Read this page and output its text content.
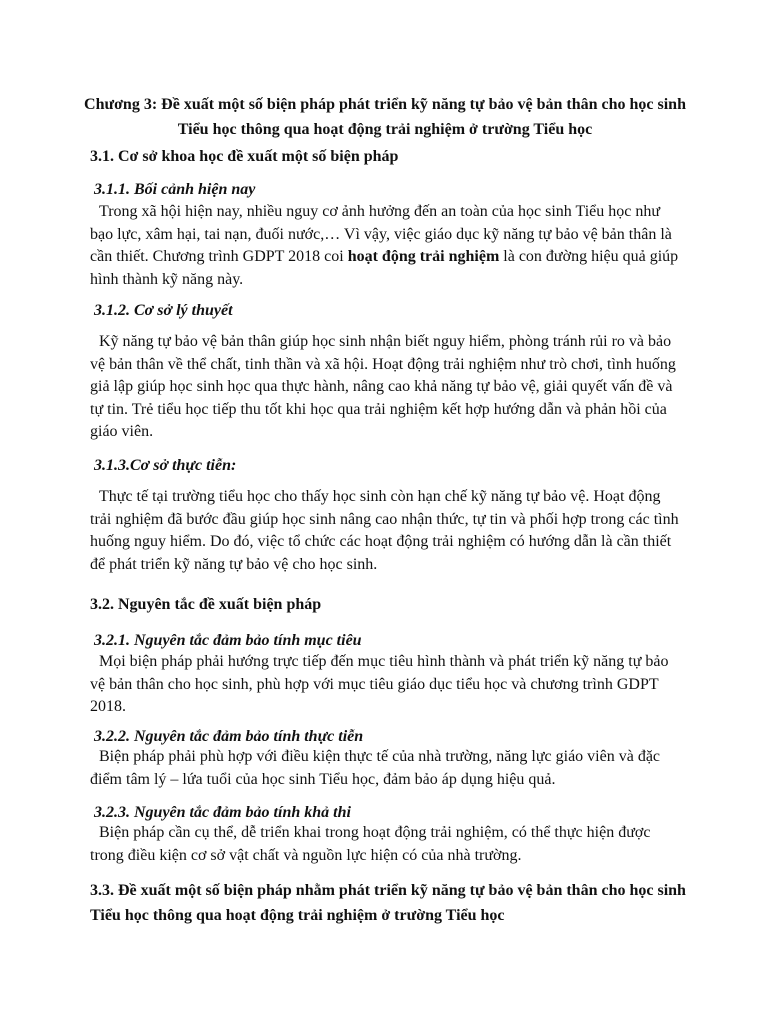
Chương 3: Đề xuất một số biện pháp phát triển kỹ năng tự bảo vệ bản thân cho học sinh Tiểu học thông qua hoạt động trải nghiệm ở trường Tiểu học

3.1. Cơ sở khoa học đề xuất một số biện pháp

3.1.1. Bối cảnh hiện nay

Trong xã hội hiện nay, nhiều nguy cơ ảnh hưởng đến an toàn của học sinh Tiểu học như bạo lực, xâm hại, tai nạn, đuối nước,… Vì vậy, việc giáo dục kỹ năng tự bảo vệ bản thân là cần thiết. Chương trình GDPT 2018 coi hoạt động trải nghiệm là con đường hiệu quả giúp hình thành kỹ năng này.

3.1.2. Cơ sở lý thuyết

Kỹ năng tự bảo vệ bản thân giúp học sinh nhận biết nguy hiểm, phòng tránh rủi ro và bảo vệ bản thân về thể chất, tinh thần và xã hội. Hoạt động trải nghiệm như trò chơi, tình huống giả lập giúp học sinh học qua thực hành, nâng cao khả năng tự bảo vệ, giải quyết vấn đề và tự tin. Trẻ tiểu học tiếp thu tốt khi học qua trải nghiệm kết hợp hướng dẫn và phản hồi của giáo viên.

3.1.3.Cơ sở thực tiễn:

Thực tế tại trường tiểu học cho thấy học sinh còn hạn chế kỹ năng tự bảo vệ. Hoạt động trải nghiệm đã bước đầu giúp học sinh nâng cao nhận thức, tự tin và phối hợp trong các tình huống nguy hiểm. Do đó, việc tổ chức các hoạt động trải nghiệm có hướng dẫn là cần thiết để phát triển kỹ năng tự bảo vệ cho học sinh.

3.2. Nguyên tắc đề xuất biện pháp

3.2.1. Nguyên tắc đảm bảo tính mục tiêu

Mọi biện pháp phải hướng trực tiếp đến mục tiêu hình thành và phát triển kỹ năng tự bảo vệ bản thân cho học sinh, phù hợp với mục tiêu giáo dục tiểu học và chương trình GDPT 2018.

3.2.2. Nguyên tắc đảm bảo tính thực tiễn

Biện pháp phải phù hợp với điều kiện thực tế của nhà trường, năng lực giáo viên và đặc điểm tâm lý – lứa tuổi của học sinh Tiểu học, đảm bảo áp dụng hiệu quả.

3.2.3. Nguyên tắc đảm bảo tính khả thi

Biện pháp cần cụ thể, dễ triển khai trong hoạt động trải nghiệm, có thể thực hiện được trong điều kiện cơ sở vật chất và nguồn lực hiện có của nhà trường.

3.3. Đề xuất một số biện pháp nhằm phát triển kỹ năng tự bảo vệ bản thân cho học sinh Tiểu học thông qua hoạt động trải nghiệm ở trường Tiểu học
